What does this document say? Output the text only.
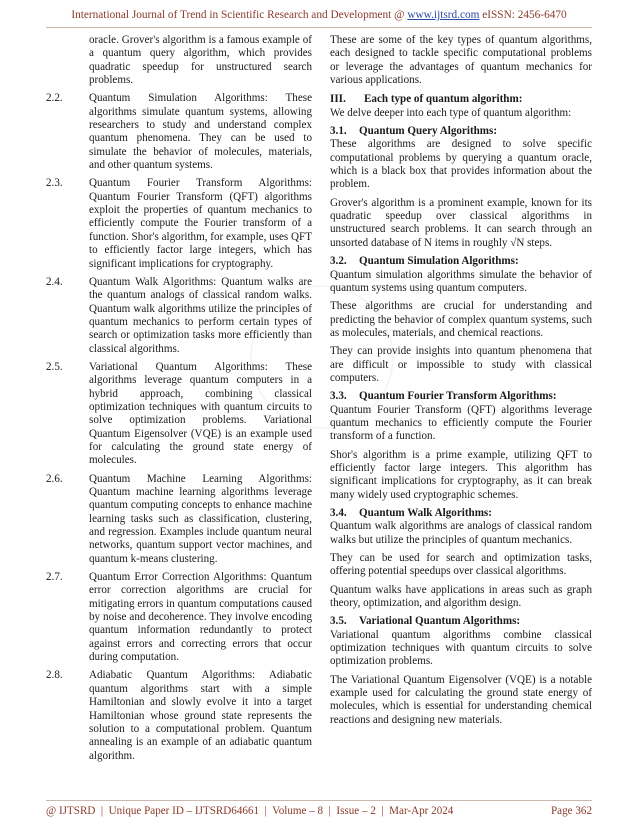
International Journal of Trend in Scientific Research and Development @ www.ijtsrd.com eISSN: 2456-6470
oracle. Grover's algorithm is a famous example of a quantum query algorithm, which provides quadratic speedup for unstructured search problems.
2.2. Quantum Simulation Algorithms: These algorithms simulate quantum systems, allowing researchers to study and understand complex quantum phenomena. They can be used to simulate the behavior of molecules, materials, and other quantum systems.
2.3. Quantum Fourier Transform Algorithms: Quantum Fourier Transform (QFT) algorithms exploit the properties of quantum mechanics to efficiently compute the Fourier transform of a function. Shor's algorithm, for example, uses QFT to efficiently factor large integers, which has significant implications for cryptography.
2.4. Quantum Walk Algorithms: Quantum walks are the quantum analogs of classical random walks. Quantum walk algorithms utilize the principles of quantum mechanics to perform certain types of search or optimization tasks more efficiently than classical algorithms.
2.5. Variational Quantum Algorithms: These algorithms leverage quantum computers in a hybrid approach, combining classical optimization techniques with quantum circuits to solve optimization problems. Variational Quantum Eigensolver (VQE) is an example used for calculating the ground state energy of molecules.
2.6. Quantum Machine Learning Algorithms: Quantum machine learning algorithms leverage quantum computing concepts to enhance machine learning tasks such as classification, clustering, and regression. Examples include quantum neural networks, quantum support vector machines, and quantum k-means clustering.
2.7. Quantum Error Correction Algorithms: Quantum error correction algorithms are crucial for mitigating errors in quantum computations caused by noise and decoherence. They involve encoding quantum information redundantly to protect against errors and correcting errors that occur during computation.
2.8. Adiabatic Quantum Algorithms: Adiabatic quantum algorithms start with a simple Hamiltonian and slowly evolve it into a target Hamiltonian whose ground state represents the solution to a computational problem. Quantum annealing is an example of an adiabatic quantum algorithm.
These are some of the key types of quantum algorithms, each designed to tackle specific computational problems or leverage the advantages of quantum mechanics for various applications.
III. Each type of quantum algorithm:
We delve deeper into each type of quantum algorithm:
3.1. Quantum Query Algorithms:
These algorithms are designed to solve specific computational problems by querying a quantum oracle, which is a black box that provides information about the problem.
Grover's algorithm is a prominent example, known for its quadratic speedup over classical algorithms in unstructured search problems. It can search through an unsorted database of N items in roughly √N steps.
3.2. Quantum Simulation Algorithms:
Quantum simulation algorithms simulate the behavior of quantum systems using quantum computers.
These algorithms are crucial for understanding and predicting the behavior of complex quantum systems, such as molecules, materials, and chemical reactions.
They can provide insights into quantum phenomena that are difficult or impossible to study with classical computers.
3.3. Quantum Fourier Transform Algorithms:
Quantum Fourier Transform (QFT) algorithms leverage quantum mechanics to efficiently compute the Fourier transform of a function.
Shor's algorithm is a prime example, utilizing QFT to efficiently factor large integers. This algorithm has significant implications for cryptography, as it can break many widely used cryptographic schemes.
3.4. Quantum Walk Algorithms:
Quantum walk algorithms are analogs of classical random walks but utilize the principles of quantum mechanics.
They can be used for search and optimization tasks, offering potential speedups over classical algorithms.
Quantum walks have applications in areas such as graph theory, optimization, and algorithm design.
3.5. Variational Quantum Algorithms:
Variational quantum algorithms combine classical optimization techniques with quantum circuits to solve optimization problems.
The Variational Quantum Eigensolver (VQE) is a notable example used for calculating the ground state energy of molecules, which is essential for understanding chemical reactions and designing new materials.
@ IJTSRD  |  Unique Paper ID – IJTSRD64661  |  Volume – 8  |  Issue – 2  |  Mar-Apr 2024	Page 362
